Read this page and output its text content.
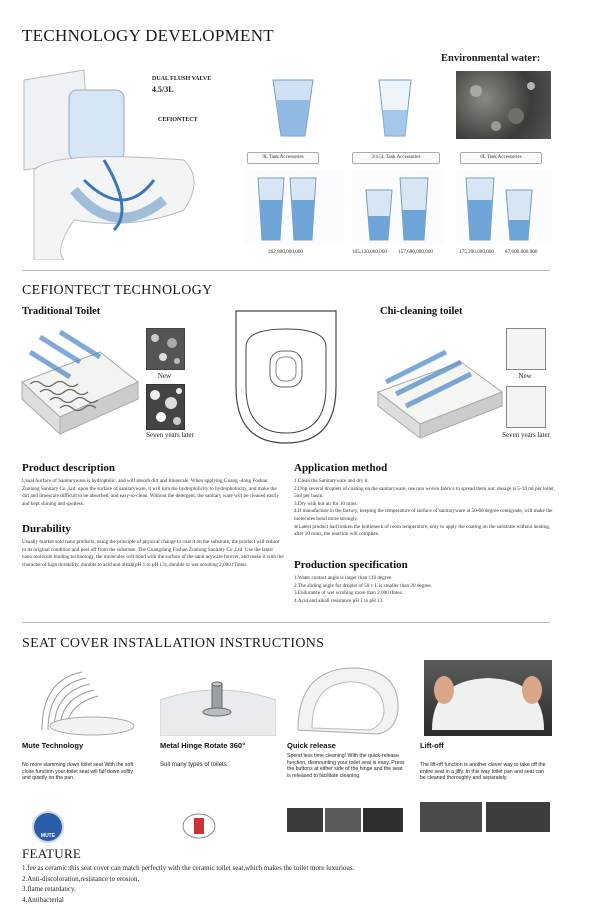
TECHNOLOGY DEVELOPMENT
Environmental water:
DUAL FLUSH VALVE
4.5/3L
CEFIONTECT
9L Tank Accessories	3/4.5L Tank Accessories	6L Tank Accessories
262,800,000,000	105,120,000,000 157,680,000,000	175,200,000,000 87,600,000,000
CEFIONTECT TECHNOLOGY
Traditional Toilet	Chi-cleaning toilet
New
Seven years later
New
Seven years later
Product description
Usual Surface of Sanitaryware is hydrophilic, and will absorb dirt and limescale. When applying Guang -dong Foshan Zunlong Sanitary Co.,Ltd. upon the surface of sanitaryware, it will turn the hydrophilicity to hydrophobicity, and make the dirt and limescale difficult to be absorbed, and easy-to-clean. Without the detergent, the sanitary ware will be cleaned easily and kept shining and spotless.
Durability
Usually market sold nano products, using the principle of physical change to coat it on the substrate, the product will reduce to its original condition and peel off from the substrate. The Guangdong Foshan Zunlong Sanitary Co.,Ltd. Use the latest nano molecule binding technology, the molecules will bond with the surface of the sanit aryware forever, and make it with the character of high durability, durable to acid and alkali(pH 1 to pH 13), durable to wet scrubing 2,000 tTimes.
Application method
1.Clean the Sanitaryware and dry it.
2.Drip several droplets of coating on the sanitaryware, use non woven fabrics to spread them out. dosage is 5-10 ml per toilet, 5ml per basin.
3.Dry with hot air for 10 mins.
4.If manufacture in the factory, keeping the temperature of surface of sanitaryware at 50-60 degree centigrade, will make the molecules bond more strongly.
※Latest product had broken the bottleneck of room temperature, only to apply the coating on the substrate without heating, after 10 mins, the reaction will complete.
Production specification
1.Water contact angle is larger than 110 degree.
2.The sliding angle for droplet of 50 v L is smaller than 20 degree.
3.Endurance of wet scrubing more than 2,000 tImes.
4.Acid and alkali resistance pH 1 to pH 13.
SEAT COVER INSTALLATION INSTRUCTIONS
Mute Technology
No more slamming down toilet seat With the soft close function your toilet seat will fall down softly and quietly on the pan.
MUTE
Metal Hinge Rotate 360°
Suit many types of toilets
Quick release
Spend less time cleaning! With the quick-release function, dismounting your toilet seat is easy. Press the buttons at either side of the hinge and the seat is released to facilitate cleaning.
Lift-off
The lift-off function is another clever way to take off the entire seat in a jiffy. In this way toilet pan and seat can be cleaned thoroughly and separately.
FEATURE
1.fee as ceramic:this seat cover can match perfectly with the ceramic toilet seat,which makes the toilet more luxurious.
2.Anti-discoloration,resistance to erosion.
3.flame retardancy.
4.Antibacterial
